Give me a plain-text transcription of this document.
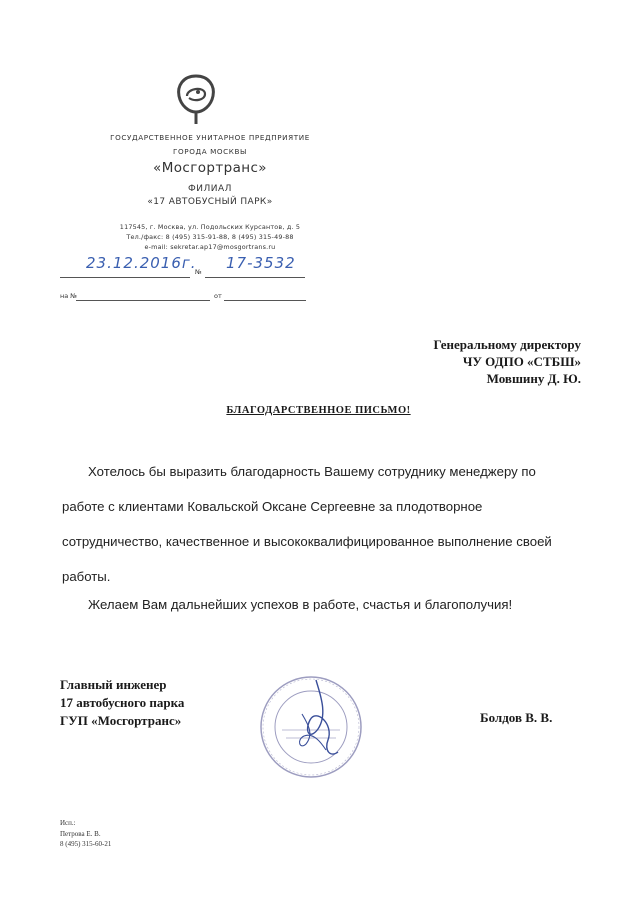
ГОСУДАРСТВЕННОЕ УНИТАРНОЕ ПРЕДПРИЯТИЕ
ГОРОДА МОСКВЫ
«Мосгортранс»
ФИЛИАЛ
«17 АВТОБУСНЫЙ ПАРК»
117545, г. Москва, ул. Подольских Курсантов, д. 5
Тел./факс: 8 (495) 315-91-88, 8 (495) 315-49-88
e-mail: sekretar.ap17@mosgortrans.ru
23.12.2016г.
№ 17-3532
на №	от
Генеральному директору
ЧУ ОДПО «СТБШ»
Мовшину Д. Ю.
БЛАГОДАРСТВЕННОЕ ПИСЬМО!
Хотелось бы выразить благодарность Вашему сотруднику менеджеру по работе с клиентами Ковальской Оксане Сергеевне за плодотворное сотрудничество, качественное и высококвалифицированное выполнение своей работы.
Желаем Вам дальнейших успехов в работе, счастья и благополучия!
Главный инженер
17 автобусного парка
ГУП «Мосгортранс»	Болдов В. В.
Исп.:
Петрова Е. В.
8 (495) 315-60-21
